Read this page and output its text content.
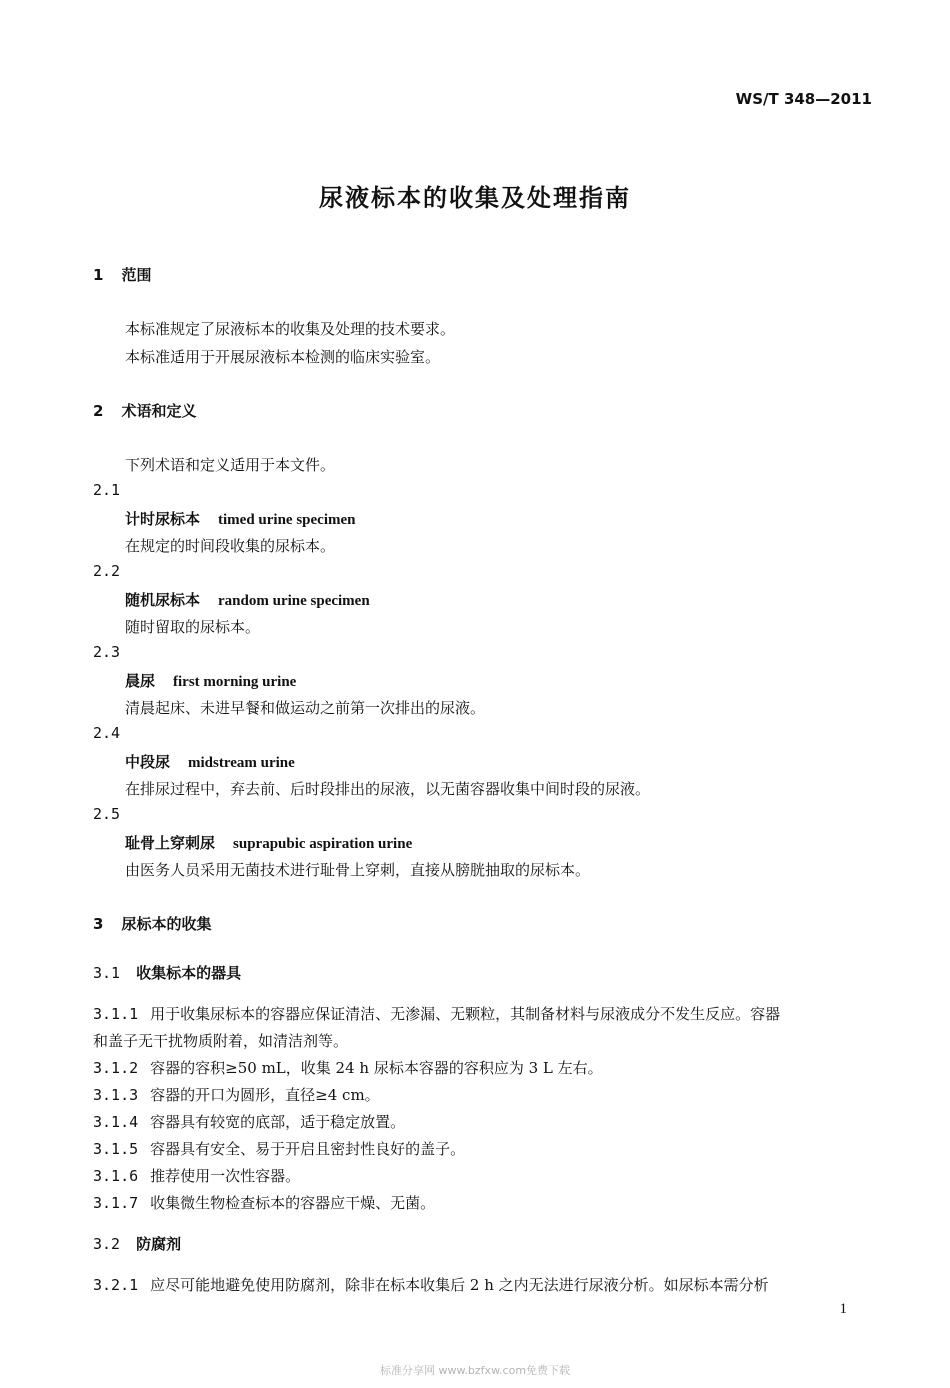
WS/T 348—2011
尿液标本的收集及处理指南
1 范围
本标准规定了尿液标本的收集及处理的技术要求。
本标准适用于开展尿液标本检测的临床实验室。
2 术语和定义
下列术语和定义适用于本文件。
2.1
计时尿标本 timed urine specimen
在规定的时间段收集的尿标本。
2.2
随机尿标本 random urine specimen
随时留取的尿标本。
2.3
晨尿 first morning urine
清晨起床、未进早餐和做运动之前第一次排出的尿液。
2.4
中段尿 midstream urine
在排尿过程中，弃去前、后时段排出的尿液，以无菌容器收集中间时段的尿液。
2.5
耻骨上穿刺尿 suprapubic aspiration urine
由医务人员采用无菌技术进行耻骨上穿刺，直接从膀胱抽取的尿标本。
3 尿标本的收集
3.1 收集标本的器具
3.1.1 用于收集尿标本的容器应保证清洁、无渗漏、无颗粒，其制备材料与尿液成分不发生反应。容器
和盖子无干扰物质附着，如清洁剂等。
3.1.2 容器的容积≥50 mL，收集 24 h 尿标本容器的容积应为 3 L 左右。
3.1.3 容器的开口为圆形，直径≥4 cm。
3.1.4 容器具有较宽的底部，适于稳定放置。
3.1.5 容器具有安全、易于开启且密封性良好的盖子。
3.1.6 推荐使用一次性容器。
3.1.7 收集微生物检查标本的容器应干燥、无菌。
3.2 防腐剂
3.2.1 应尽可能地避免使用防腐剂，除非在标本收集后 2 h 之内无法进行尿液分析。如尿标本需分析
1
标准分享网 www.bzfxw.com免费下载
